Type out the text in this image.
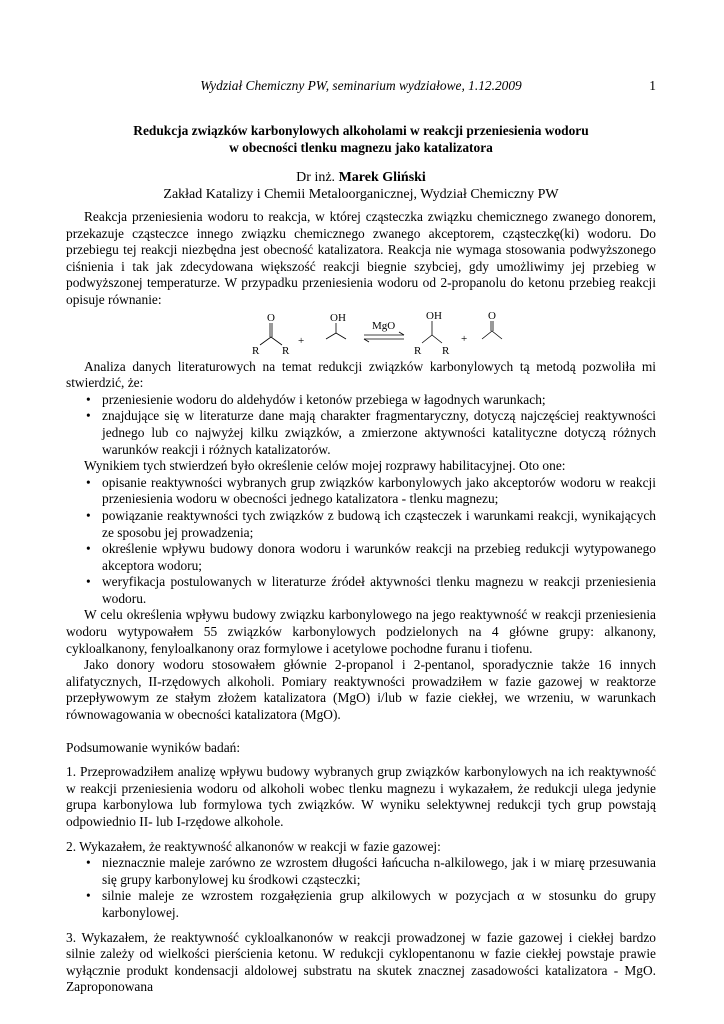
Wydział Chemiczny PW, seminarium wydziałowe, 1.12.2009	1
Redukcja związków karbonylowych alkoholami w reakcji przeniesienia wodoru
w obecności tlenku magnezu jako katalizatora
Dr inż. Marek Gliński
Zakład Katalizy i Chemii Metaloorganicznej, Wydział Chemiczny PW

Reakcja przeniesienia wodoru to reakcja, w której cząsteczka związku chemicznego zwanego donorem, przekazuje cząsteczce innego związku chemicznego zwanego akceptorem, cząsteczkę(ki) wodoru. Do przebiegu tej reakcji niezbędna jest obecność katalizatora. Reakcja nie wymaga stosowania podwyższonego ciśnienia i tak jak zdecydowana większość reakcji biegnie szybciej, gdy umożliwimy jej przebieg w podwyższonej temperaturze. W przypadku przeniesienia wodoru od 2-propanolu do ketonu przebieg reakcji opisuje równanie:

O
R R
+
OH
MgO
OH
R R
+
O

Analiza danych literaturowych na temat redukcji związków karbonylowych tą metodą pozwoliła mi stwierdzić, że:

• przeniesienie wodoru do aldehydów i ketonów przebiega w łagodnych warunkach;
• znajdujące się w literaturze dane mają charakter fragmentaryczny, dotyczą najczęściej reaktywności jednego lub co najwyżej kilku związków, a zmierzone aktywności katalityczne dotyczą różnych warunków reakcji i różnych katalizatorów.

Wynikiem tych stwierdzeń było określenie celów mojej rozprawy habilitacyjnej. Oto one:

• opisanie reaktywności wybranych grup związków karbonylowych jako akceptorów wodoru w reakcji przeniesienia wodoru w obecności jednego katalizatora - tlenku magnezu;
• powiązanie reaktywności tych związków z budową ich cząsteczek i warunkami reakcji, wynikających ze sposobu jej prowadzenia;
• określenie wpływu budowy donora wodoru i warunków reakcji na przebieg redukcji wytypowanego akceptora wodoru;
• weryfikacja postulowanych w literaturze źródeł aktywności tlenku magnezu w reakcji przeniesienia wodoru.

W celu określenia wpływu budowy związku karbonylowego na jego reaktywność w reakcji przeniesienia wodoru wytypowałem 55 związków karbonylowych podzielonych na 4 główne grupy: alkanony, cykloalkanony, fenyloalkanony oraz formylowe i acetylowe pochodne furanu i tiofenu.

Jako donory wodoru stosowałem głównie 2-propanol i 2-pentanol, sporadycznie także 16 innych alifatycznych, II-rzędowych alkoholi. Pomiary reaktywności prowadziłem w fazie gazowej w reaktorze przepływowym ze stałym złożem katalizatora (MgO) i/lub w fazie ciekłej, we wrzeniu, w warunkach równowagowania w obecności katalizatora (MgO).

Podsumowanie wyników badań:

1. Przeprowadziłem analizę wpływu budowy wybranych grup związków karbonylowych na ich reaktywność w reakcji przeniesienia wodoru od alkoholi wobec tlenku magnezu i wykazałem, że redukcji ulega jedynie grupa karbonylowa lub formylowa tych związków. W wyniku selektywnej redukcji tych grup powstają odpowiednio II- lub I-rzędowe alkohole.

2. Wykazałem, że reaktywność alkanonów w reakcji w fazie gazowej:

• nieznacznie maleje zarówno ze wzrostem długości łańcucha n-alkilowego, jak i w miarę przesuwania się grupy karbonylowej ku środkowi cząsteczki;
• silnie maleje ze wzrostem rozgałęzienia grup alkilowych w pozycjach α w stosunku do grupy karbonylowej.

3. Wykazałem, że reaktywność cykloalkanonów w reakcji prowadzonej w fazie gazowej i ciekłej bardzo silnie zależy od wielkości pierścienia ketonu. W redukcji cyklopentanonu w fazie ciekłej powstaje prawie wyłącznie produkt kondensacji aldolowej substratu na skutek znacznej zasadowości katalizatora - MgO. Zaproponowana
